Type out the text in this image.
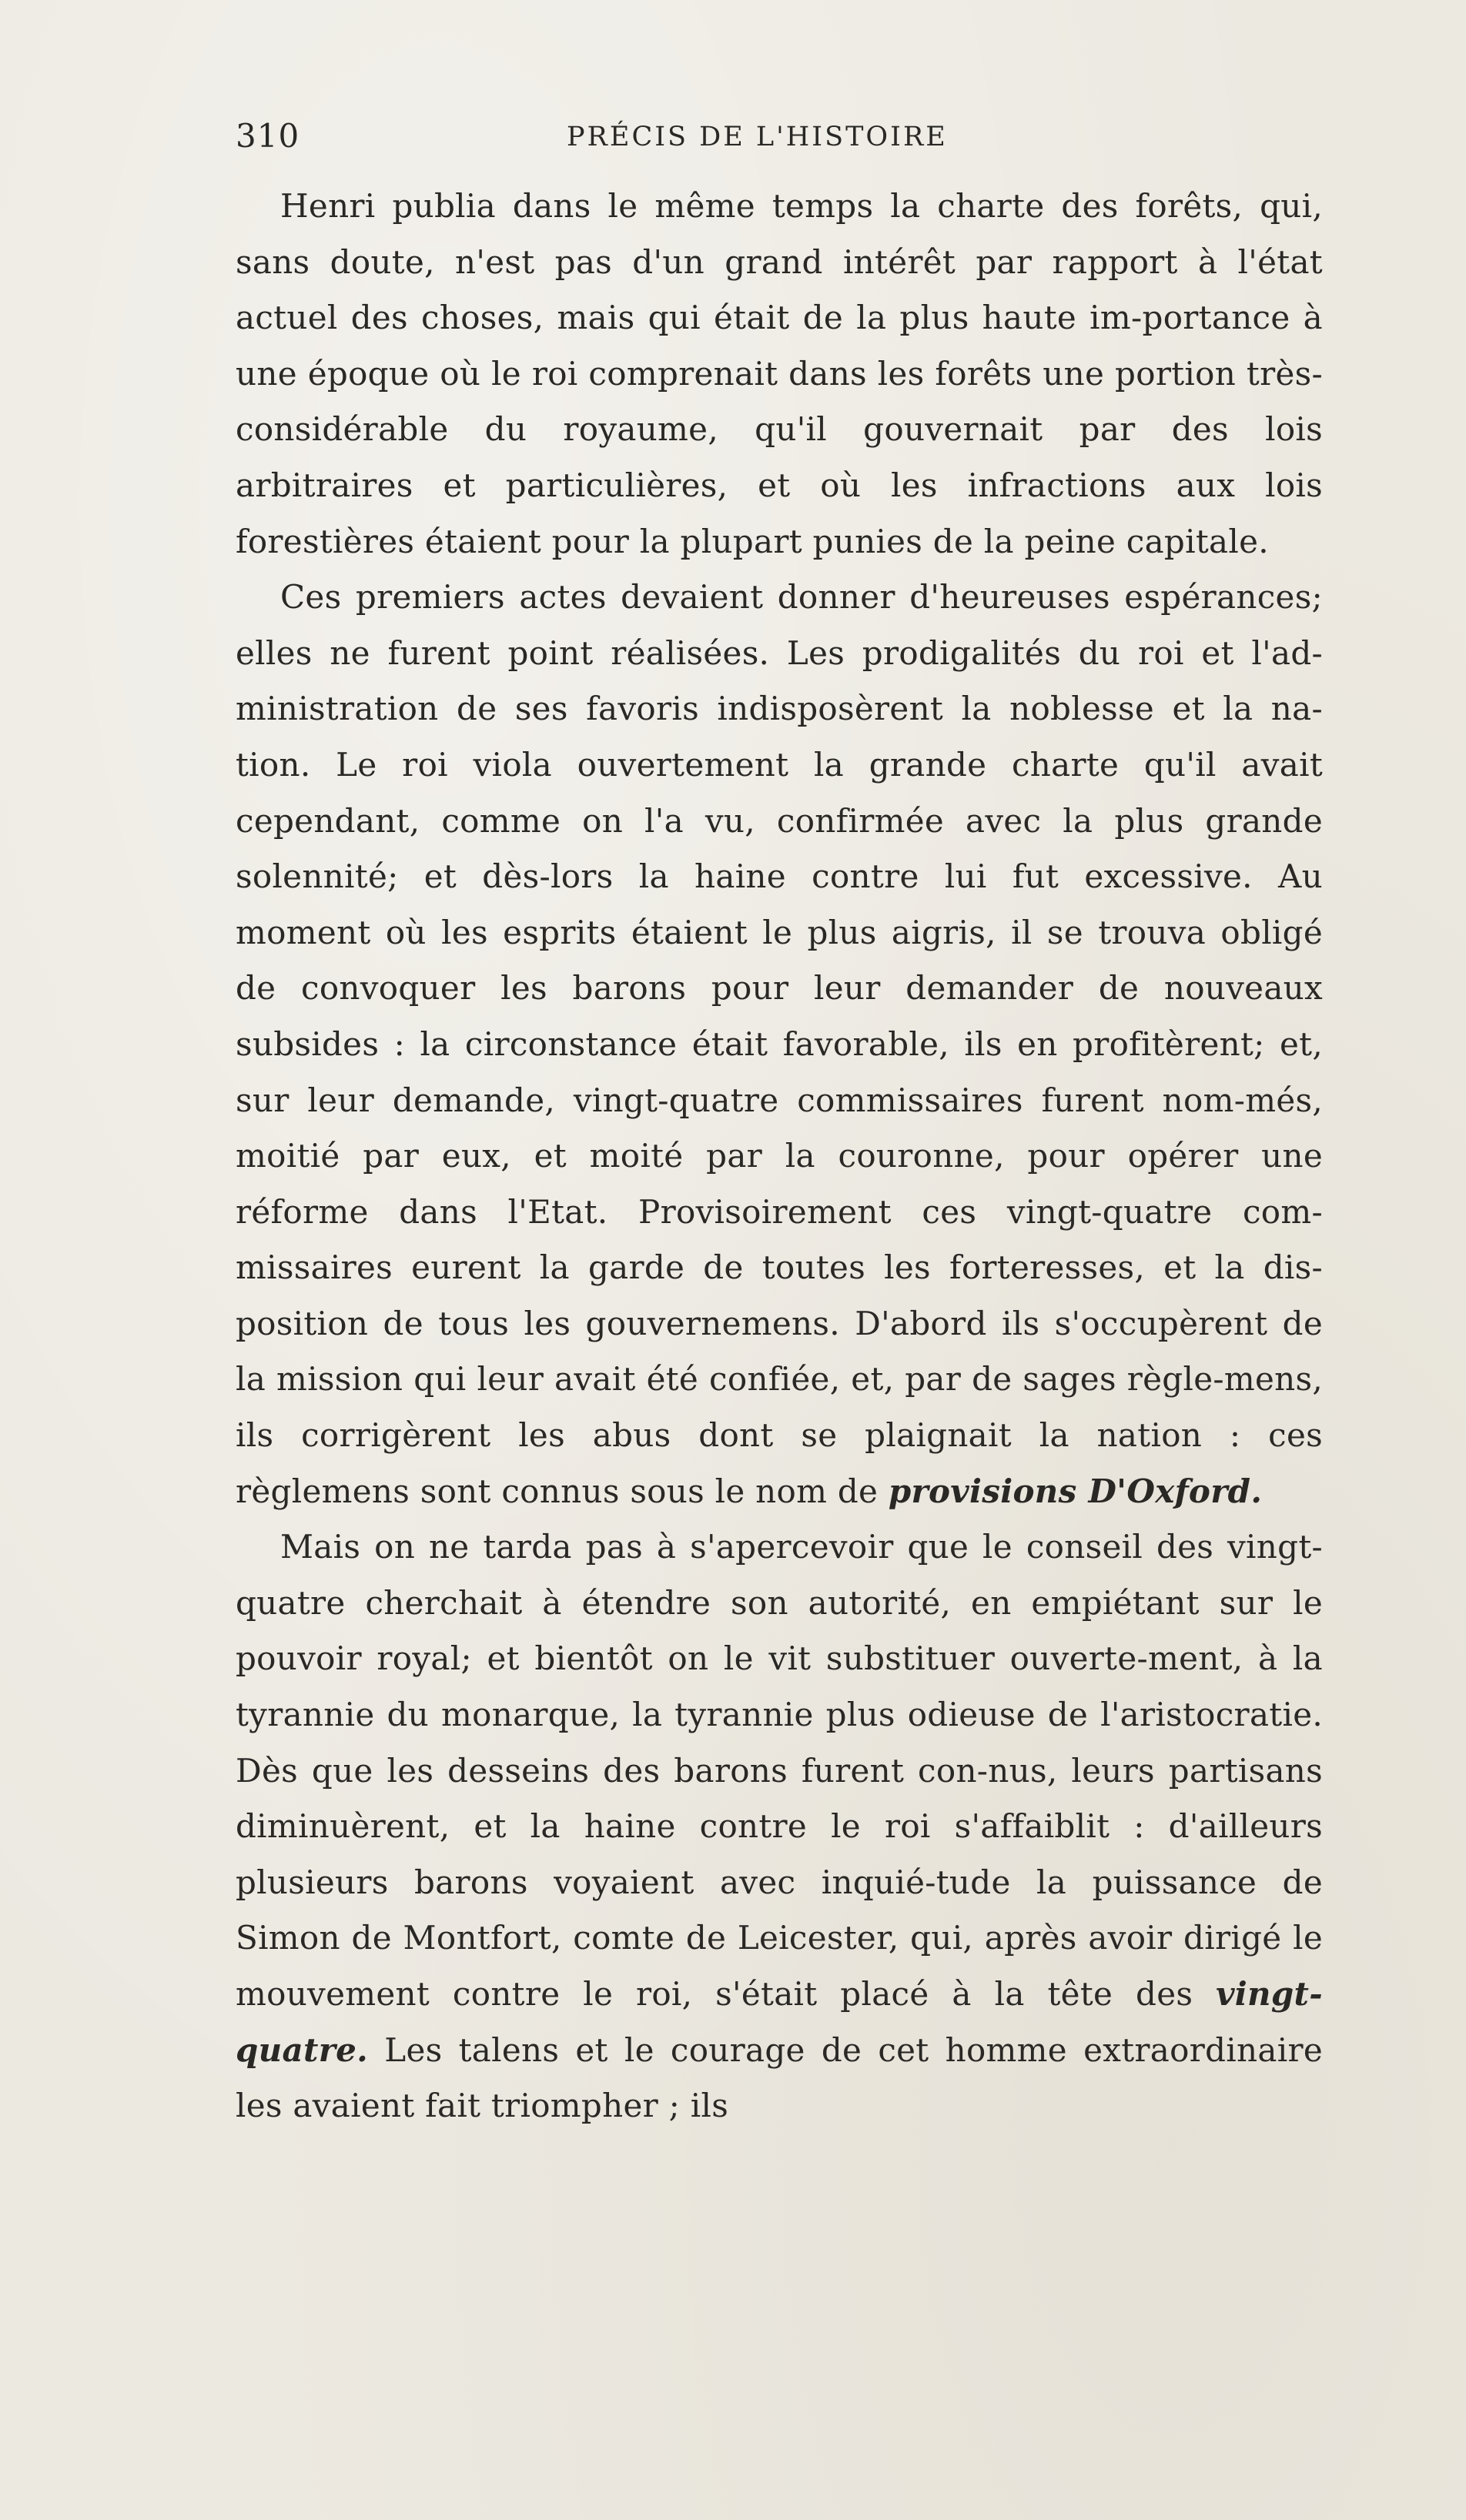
310	PRÉCIS DE L'HISTOIRE

Henri publia dans le même temps la charte des forêts, qui, sans doute, n'est pas d'un grand intérêt par rapport à l'état actuel des choses, mais qui était de la plus haute im-portance à une époque où le roi comprenait dans les forêts une portion très-considérable du royaume, qu'il gouvernait par des lois arbitraires et particulières, et où les infractions aux lois forestières étaient pour la plupart punies de la peine capitale.

Ces premiers actes devaient donner d'heureuses espérances; elles ne furent point réalisées. Les prodigalités du roi et l'ad-ministration de ses favoris indisposèrent la noblesse et la na-tion. Le roi viola ouvertement la grande charte qu'il avait cependant, comme on l'a vu, confirmée avec la plus grande solennité; et dès-lors la haine contre lui fut excessive. Au moment où les esprits étaient le plus aigris, il se trouva obligé de convoquer les barons pour leur demander de nouveaux subsides : la circonstance était favorable, ils en profitèrent; et, sur leur demande, vingt-quatre commissaires furent nom-més, moitié par eux, et moité par la couronne, pour opérer une réforme dans l'Etat. Provisoirement ces vingt-quatre com-missaires eurent la garde de toutes les forteresses, et la dis-position de tous les gouvernemens. D'abord ils s'occupèrent de la mission qui leur avait été confiée, et, par de sages règle-mens, ils corrigèrent les abus dont se plaignait la nation : ces règlemens sont connus sous le nom de provisions D'Oxford.

Mais on ne tarda pas à s'apercevoir que le conseil des vingt-quatre cherchait à étendre son autorité, en empiétant sur le pouvoir royal; et bientôt on le vit substituer ouverte-ment, à la tyrannie du monarque, la tyrannie plus odieuse de l'aristocratie. Dès que les desseins des barons furent con-nus, leurs partisans diminuèrent, et la haine contre le roi s'affaiblit : d'ailleurs plusieurs barons voyaient avec inquié-tude la puissance de Simon de Montfort, comte de Leicester, qui, après avoir dirigé le mouvement contre le roi, s'était placé à la tête des vingt-quatre. Les talens et le courage de cet homme extraordinaire les avaient fait triompher ; ils
